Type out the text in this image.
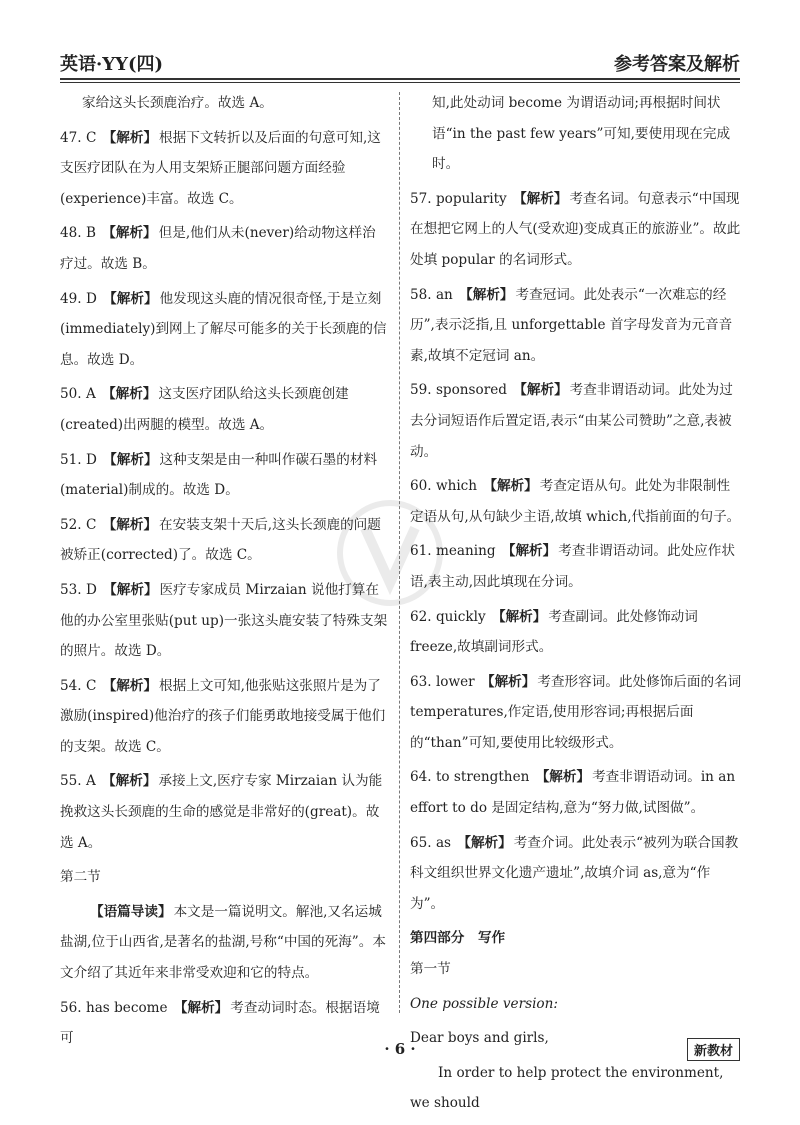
英语·YY(四)	参考答案及解析
家给这头长颈鹿治疗。故选 A。
47. C 【解析】 根据下文转折以及后面的句意可知,这支医疗团队在为人用支架矫正腿部问题方面经验(experience)丰富。故选 C。
48. B 【解析】 但是,他们从未(never)给动物这样治疗过。故选 B。
49. D 【解析】 他发现这头鹿的情况很奇怪,于是立刻(immediately)到网上了解尽可能多的关于长颈鹿的信息。故选 D。
50. A 【解析】 这支医疗团队给这头长颈鹿创建(created)出两腿的模型。故选 A。
51. D 【解析】 这种支架是由一种叫作碳石墨的材料(material)制成的。故选 D。
52. C 【解析】 在安装支架十天后,这头长颈鹿的问题被矫正(corrected)了。故选 C。
53. D 【解析】 医疗专家成员 Mirzaian 说他打算在他的办公室里张贴(put up)一张这头鹿安装了特殊支架的照片。故选 D。
54. C 【解析】 根据上文可知,他张贴这张照片是为了激励(inspired)他治疗的孩子们能勇敢地接受属于他们的支架。故选 C。
55. A 【解析】 承接上文,医疗专家 Mirzaian 认为能挽救这头长颈鹿的生命的感觉是非常好的(great)。故选 A。
第二节
【语篇导读】 本文是一篇说明文。解池,又名运城盐湖,位于山西省,是著名的盐湖,号称“中国的死海”。本文介绍了其近年来非常受欢迎和它的特点。
56. has become 【解析】 考查动词时态。根据语境可
知,此处动词 become 为谓语动词;再根据时间状语“in the past few years”可知,要使用现在完成时。
57. popularity 【解析】 考查名词。句意表示“中国现在想把它网上的人气(受欢迎)变成真正的旅游业”。故此处填 popular 的名词形式。
58. an 【解析】 考查冠词。此处表示“一次难忘的经历”,表示泛指,且 unforgettable 首字母发音为元音音素,故填不定冠词 an。
59. sponsored 【解析】 考查非谓语动词。此处为过去分词短语作后置定语,表示“由某公司赞助”之意,表被动。
60. which 【解析】 考查定语从句。此处为非限制性定语从句,从句缺少主语,故填 which,代指前面的句子。
61. meaning 【解析】 考查非谓语动词。此处应作状语,表主动,因此填现在分词。
62. quickly 【解析】 考查副词。此处修饰动词 freeze,故填副词形式。
63. lower 【解析】 考查形容词。此处修饰后面的名词 temperatures,作定语,使用形容词;再根据后面的“than”可知,要使用比较级形式。
64. to strengthen 【解析】 考查非谓语动词。in an effort to do 是固定结构,意为“努力做,试图做”。
65. as 【解析】 考查介词。此处表示“被列为联合国教科文组织世界文化遗产遗址”,故填介词 as,意为“作为”。
第四部分　写作
第一节
One possible version:
Dear boys and girls,
In order to help protect the environment, we should
· 6 ·	新教材
